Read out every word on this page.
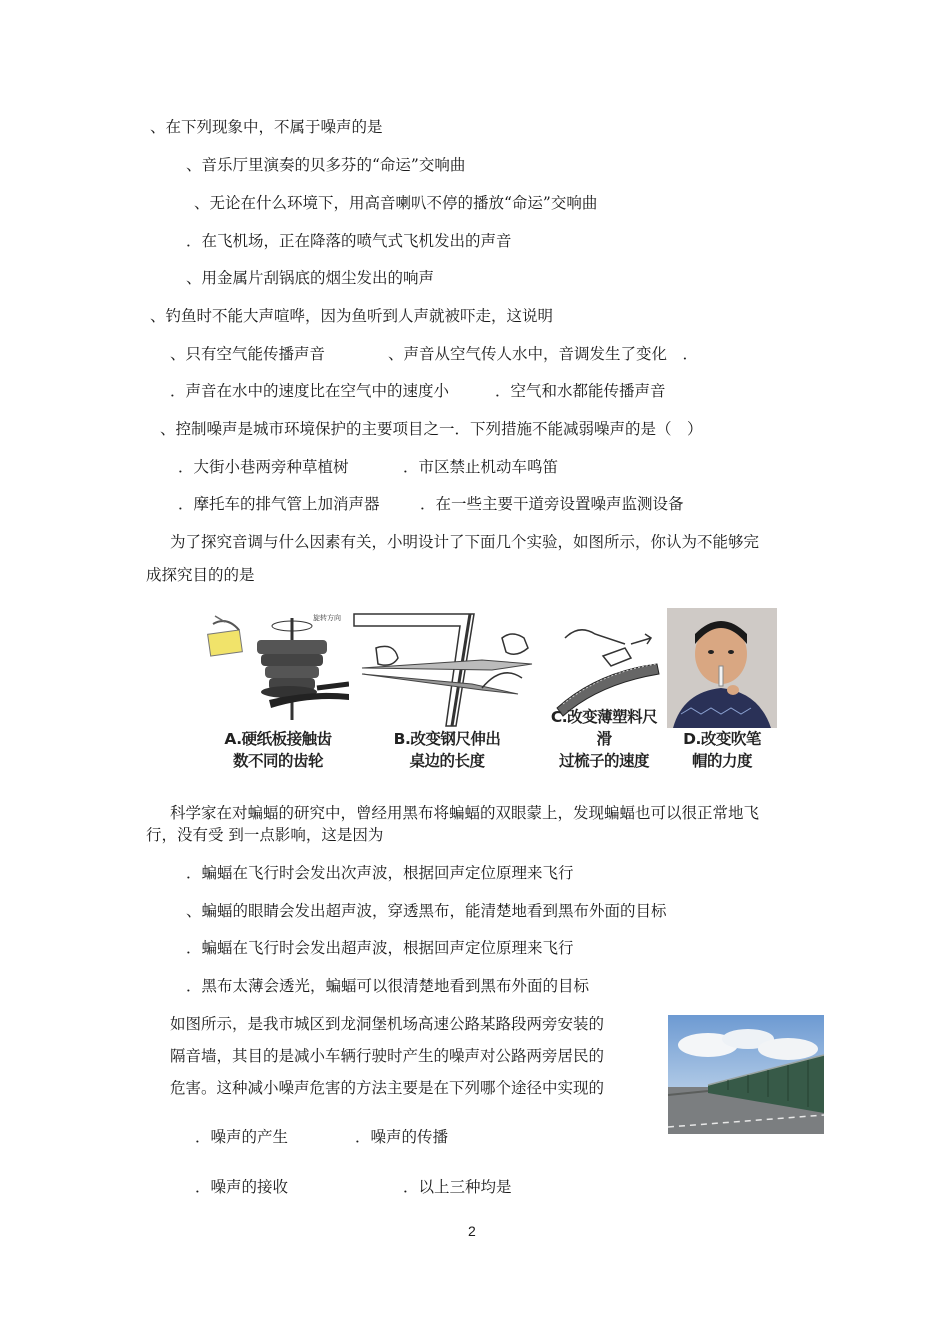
、在下列现象中，不属于噪声的是
、音乐厅里演奏的贝多芬的“命运”交响曲
、无论在什么环境下，用高音喇叭不停的播放“命运”交响曲
．在飞机场，正在降落的喷气式飞机发出的声音
、用金属片刮锅底的烟尘发出的响声
、钓鱼时不能大声喧哗，因为鱼听到人声就被吓走，这说明
、只有空气能传播声音	、声音从空气传人水中，音调发生了变化　．
．声音在水中的速度比在空气中的速度小	．空气和水都能传播声音
、控制噪声是城市环境保护的主要项目之一．下列措施不能减弱噪声的是（　）
．大街小巷两旁种草植树	．市区禁止机动车鸣笛
．摩托车的排气管上加消声器	．在一些主要干道旁设置噪声监测设备
为了探究音调与什么因素有关，小明设计了下面几个实验，如图所示，你认为不能够完
成探究目的的是
旋转方向
A.硬纸板接触齿
数不同的齿轮
B.改变钢尺伸出
桌边的长度
C.改变薄塑料尺滑
过梳子的速度
D.改变吹笔
帽的力度
科学家在对蝙蝠的研究中，曾经用黑布将蝙蝠的双眼蒙上，发现蝙蝠也可以很正常地飞
行，没有受 到一点影响，这是因为
．蝙蝠在飞行时会发出次声波，根据回声定位原理来飞行
、蝙蝠的眼睛会发出超声波，穿透黑布，能清楚地看到黑布外面的目标
．蝙蝠在飞行时会发出超声波，根据回声定位原理来飞行
．黑布太薄会透光，蝙蝠可以很清楚地看到黑布外面的目标
如图所示，是我市城区到龙洞堡机场高速公路某路段两旁安装的
隔音墙，其目的是减小车辆行驶时产生的噪声对公路两旁居民的
危害。这种减小噪声危害的方法主要是在下列哪个途径中实现的
．噪声的产生	．噪声的传播
．噪声的接收	．以上三种均是
2
